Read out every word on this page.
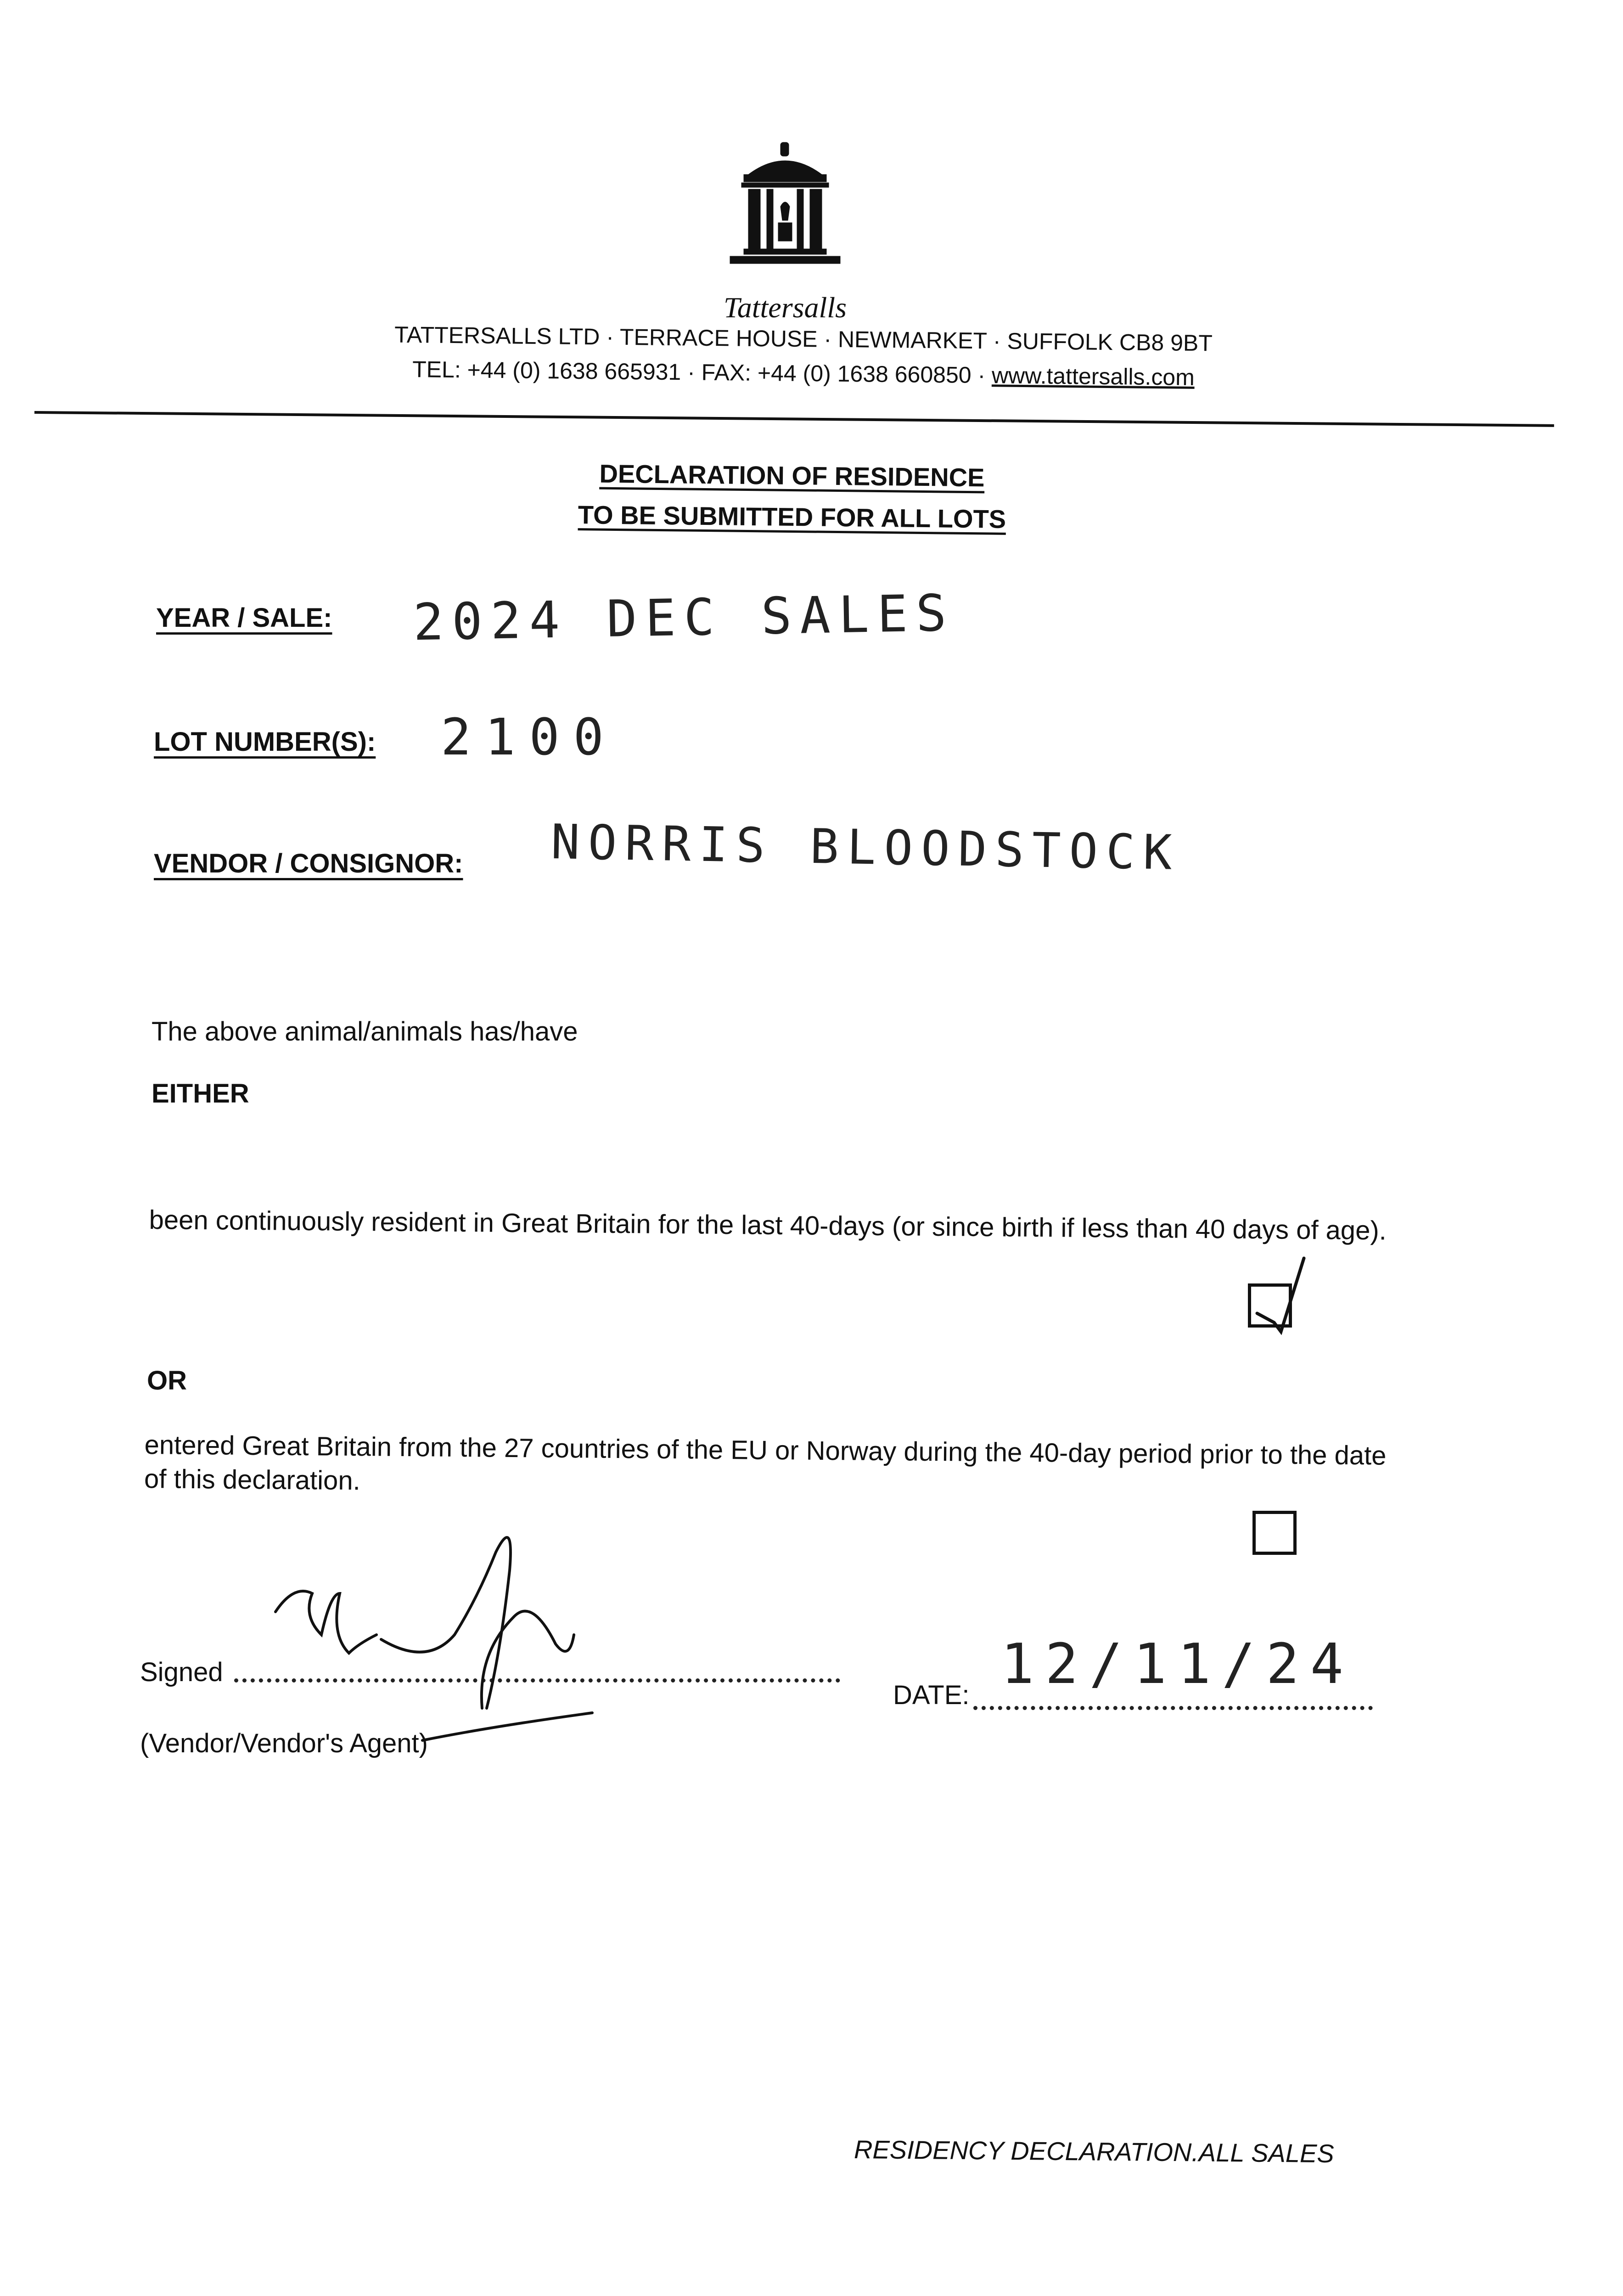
Tattersalls
TATTERSALLS LTD · TERRACE HOUSE · NEWMARKET · SUFFOLK CB8 9BT
TEL: +44 (0) 1638 665931 · FAX: +44 (0) 1638 660850 · www.tattersalls.com
DECLARATION OF RESIDENCE
TO BE SUBMITTED FOR ALL LOTS
YEAR / SALE: 2024 DEC SALES
LOT NUMBER(S): 2100
VENDOR / CONSIGNOR: NORRIS BLOODSTOCK
The above animal/animals has/have
EITHER
been continuously resident in Great Britain for the last 40-days (or since birth if less than 40 days of age).
OR
entered Great Britain from the 27 countries of the EU or Norway during the 40-day period prior to the date of this declaration.
Signed
(Vendor/Vendor's Agent)
DATE: 12/11/24
RESIDENCY DECLARATION.ALL SALES
